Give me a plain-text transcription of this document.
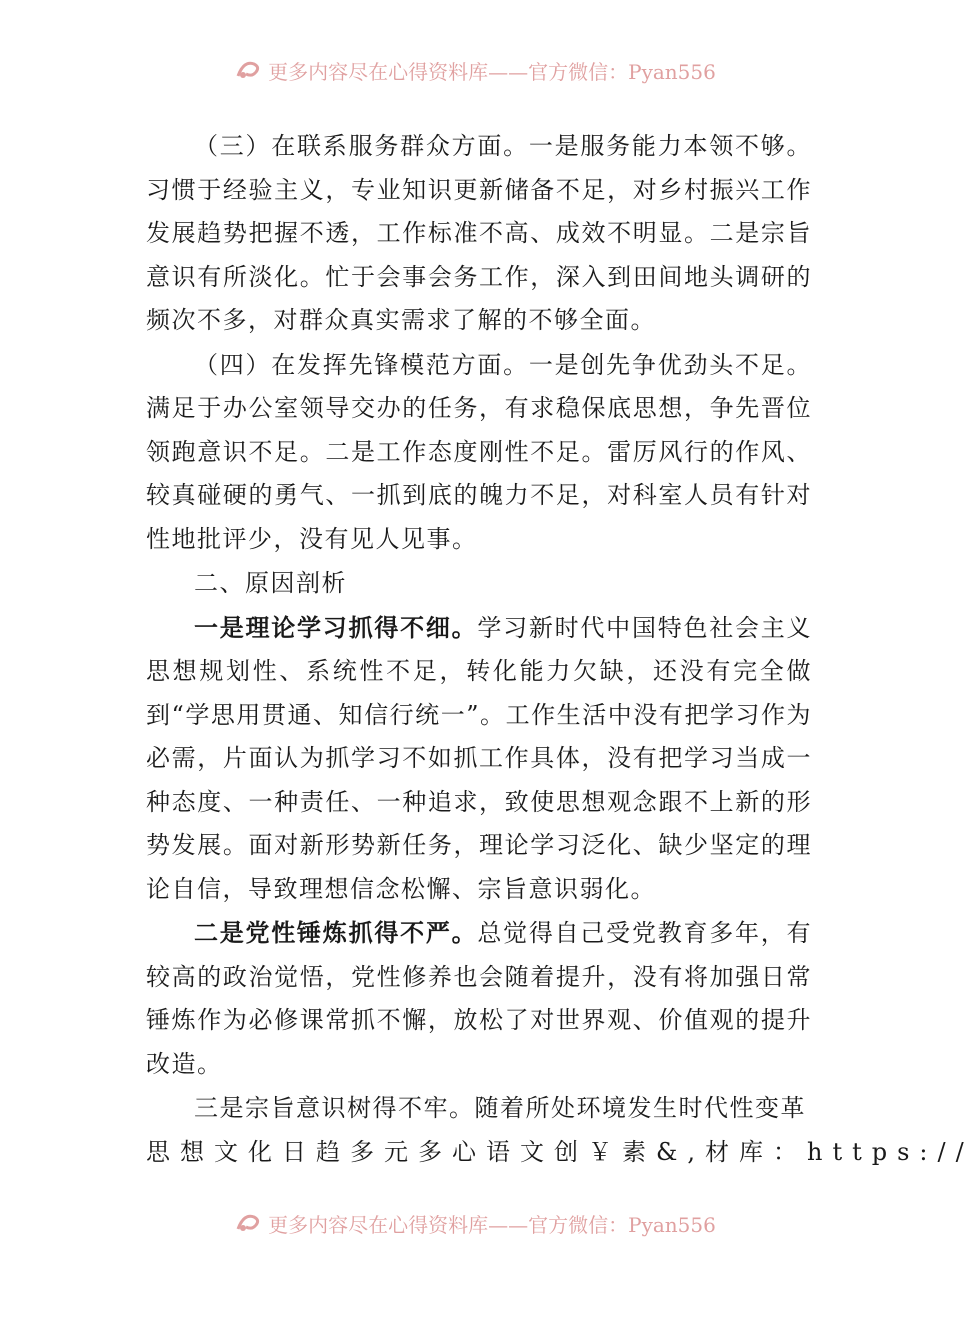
更多内容尽在心得资料库——官方微信：Pyan556

（三）在联系服务群众方面。一是服务能力本领不够。习惯于经验主义，专业知识更新储备不足，对乡村振兴工作发展趋势把握不透，工作标准不高、成效不明显。二是宗旨意识有所淡化。忙于会事会务工作，深入到田间地头调研的频次不多，对群众真实需求了解的不够全面。

（四）在发挥先锋模范方面。一是创先争优劲头不足。满足于办公室领导交办的任务，有求稳保底思想，争先晋位领跑意识不足。二是工作态度刚性不足。雷厉风行的作风、较真碰硬的勇气、一抓到底的魄力不足，对科室人员有针对性地批评少，没有见人见事。

二、原因剖析

一是理论学习抓得不细。学习新时代中国特色社会主义思想规划性、系统性不足，转化能力欠缺，还没有完全做到“学思用贯通、知信行统一”。工作生活中没有把学习作为必需，片面认为抓学习不如抓工作具体，没有把学习当成一种态度、一种责任、一种追求，致使思想观念跟不上新的形势发展。面对新形势新任务，理论学习泛化、缺少坚定的理论自信，导致理想信念松懈、宗旨意识弱化。

二是党性锤炼抓得不严。总觉得自己受党教育多年，有较高的政治觉悟，党性修养也会随着提升，没有将加强日常锤炼作为必修课常抓不懈，放松了对世界观、价值观的提升改造。

三是宗旨意识树得不牢。随着所处环境发生时代性变革

思想文化日趋多元多心语文创￥素&,材库：https://

更多内容尽在心得资料库——官方微信：Pyan556
